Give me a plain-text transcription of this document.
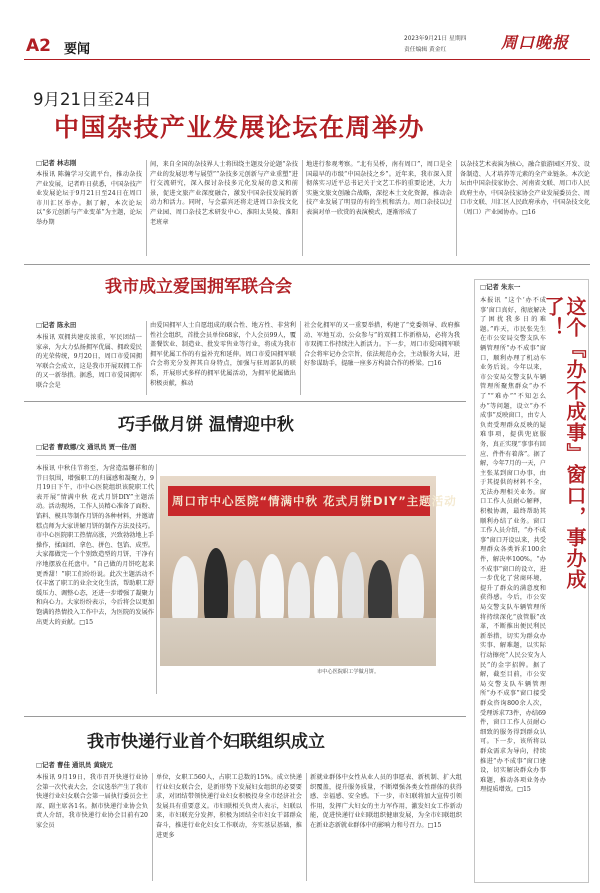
A2 要闻
2023年9月21日 星期四
责任编辑 黄金红	周口晚报
9月21日至24日
中国杂技产业发展论坛在周举办
□记者 林志刚
本报讯 陈瀚学习交流平台，推动杂技产业发展，记者昨日获悉，中国杂技产业发展论坛于9月21日至24日在周口市川汇区举办。据了解，本次论坛以“多元创新与产业变革”为主题，论坛举办期
间，来自全国的杂技界人士将围绕主题及分论题“杂技产业的发展思考与展望”“杂技多元创新与产业重塑”进行交流研究，深入探讨杂技多元化发展的意义和前景，促进文旅产业深度融合，激发中国杂技发展的新动力和活力。同时，与会嘉宾还将走进周口杂技文化产业园、周口杂技艺术研发中心、淮阳太昊陵、淮阳老班章
地进行参观考察。“北有吴桥，南有周口”，周口是全国最早的市级“中国杂技之乡”。近年来，我市深入贯彻落实习近平总书记关于文艺工作的重要论述，大力实施文旅文创融合战略，深挖本土文化资源，推动杂技产业发展了明显的有的生机和活力。周口杂技以过表演对单一欣赏的表演模式，逐渐形成了
以杂技艺术表演为核心，融合旅游园区开发、设备制造、人才培养等元素的全产业链条。本次论坛由中国杂技家协会、河南省文联、周口市人民政府主办，中国杂技家协会产业发展委员会、周口市文联、川汇区人民政府承办，中国杂技文化（周口）产业园协办。□16
我市成立爱国拥军联合会
□记者 陈永田
本报讯 双拥共建皮浓重，军民团结一家亲，为大力弘扬拥军优属、拥政爱民的光荣传统，9月20日，周口市爱国拥军联合会成立，这是我市开展双拥工作的又一新举措。据悉，周口市爱国拥军联合会是
由爱国拥军人士自愿组成的联合性、地方性、非营利性社会组织，首批会员单位68家，个人会员99人，覆盖餐饮业、制造业、批发零售业等行业，将成为我市拥军优属工作的有益补充和延伸。周口市爱国拥军联合会将充分发挥其自身特点，加强与驻周部队的联系，开展形式多样的拥军优属活动，为拥军优属做出积极贡献，推动
社会化拥军的又一重要举措，构建了“党委领导、政府推动、军地互动、公众参与”的双拥工作新格局，必将为我市双拥工作持续注入新活力。下一步，周口市爱国拥军联合会将牢记办会宗旨，依法规范办会，主动服务大局，进好参谋助手，提融一座多方构湍合作的桥梁。□16
巧手做月饼 温情迎中秋
□记者 曹政娜/文 通讯员 贾一佳/图
本报讯 中秋佳节将至，为营造温馨祥和的节日氛围，增强职工的归属感和凝聚力，9月19日下午，市中心医院组织该院职工代表开展“情满中秋 花式月饼DIY”主题活动。活动现场，工作人员精心准备了面粉、馅料、模具等制作月饼的各种材料，并邀请糕点师为大家讲解月饼的制作方法及技巧。市中心医院职工热情高涨，兴致勃勃地上手操作，揉面团、拿色、拼色、包馅、成型。大家都做完一个个别致造型的月饼，干净有序地摆放在托盘中。“自己做的月饼吃起来更香甜！”职工们纷纷说。此次主题活动不仅丰富了职工的业余文化生活，帮助职工舒缓压力、调整心态，还进一步增强了凝聚力和向心力。大家纷纷表示，今后将会以更加饱满的热情投入工作中去，为医院的发展作出更大的贡献。□15
周口市中心医院“情满中秋 花式月饼DIY”主题活动
市中心医院职工学做月饼。
我市快递行业首个妇联组织成立
□记者 曹佳 通讯员 黄晓元
本报讯 9月19日，我市召开快递行业协会第一次代表大会，会议选举产生了我市快递行业妇女联合会第一届执行委员会主席、副主席各1名。据市快递行业协会负责人介绍，我市快递行业协会目前有20家会员
单位，女职工560人，占职工总数的15%。成立快递行业妇女联合会，是新形势下发展妇女组织的必要要求，对团结带领快递行业妇女积极投身全市经济社会发展具有重要意义。市妇联相关负责人表示，妇联以来，市妇联充分发挥，积极为团结全市妇女干部群众奋斗，推进行业化妇女工作联动，夯实基层基础，推进更多
新就业群体中女性从业人员的事愿表、新机制、扩大组织覆盖，提升服务质量，不断增强各类女性群体的获得感、幸福感、安全感。下一步，市妇联将加大宣传引领作用，发挥广大妇女的主力军作用，激发妇女工作新动能，促进快递行业妇联组织健康发展，为全市妇联组织在新业态新就业群体中的影响力和号召力。□15
□记者 朱东一
这个『办不成事』窗口，事办成了！
本报讯 “这个‘办不成事’窗口真好，彻底解决了困扰我多日的难题。”昨天，市民张先生在市公安局交警支队车辆管理所“办不成事”窗口，顺利办理了机动车业务后说。今年以来，市公安局交警支队车辆管理所聚焦群众“办不了”“难办”“不知怎么办”等问题，设立“办不成事”反映窗口，由专人负责受理群众反映的疑难事项，提供兜底服务，真正实现“事事有回应、件件有着落”。据了解，今年7月的一天，户主张某到窗口办事，由于其提供的材料不全，无法办理相关业务。窗口工作人员耐心解释，积极协调，最终帮助其顺利办结了业务。窗口工作人员介绍，“办不成事”窗口开设以来，共受理群众各类诉求100余件，解决率100%。“办不成事”窗口的设立，进一步优化了营商环境，提升了群众的满意度和获得感。今后，市公安局交警支队车辆管理所将持续深化“放管服”改革，不断推出便民利民新举措，切实为群众办实事、解难题，以实际行动擦亮“人民公安为人民”的金字招牌。据了解，截至目前，市公安局交警支队车辆管理所“办不成事”窗口接受群众咨询800余人次，受理诉求73件，办结69件，窗口工作人员耐心细致的服务得到群众认可。下一步，该所将以群众需求为导向，持续推进“办不成事”窗口建设，切实解决群众办事难题，推动各项业务办理提质增效。□15
